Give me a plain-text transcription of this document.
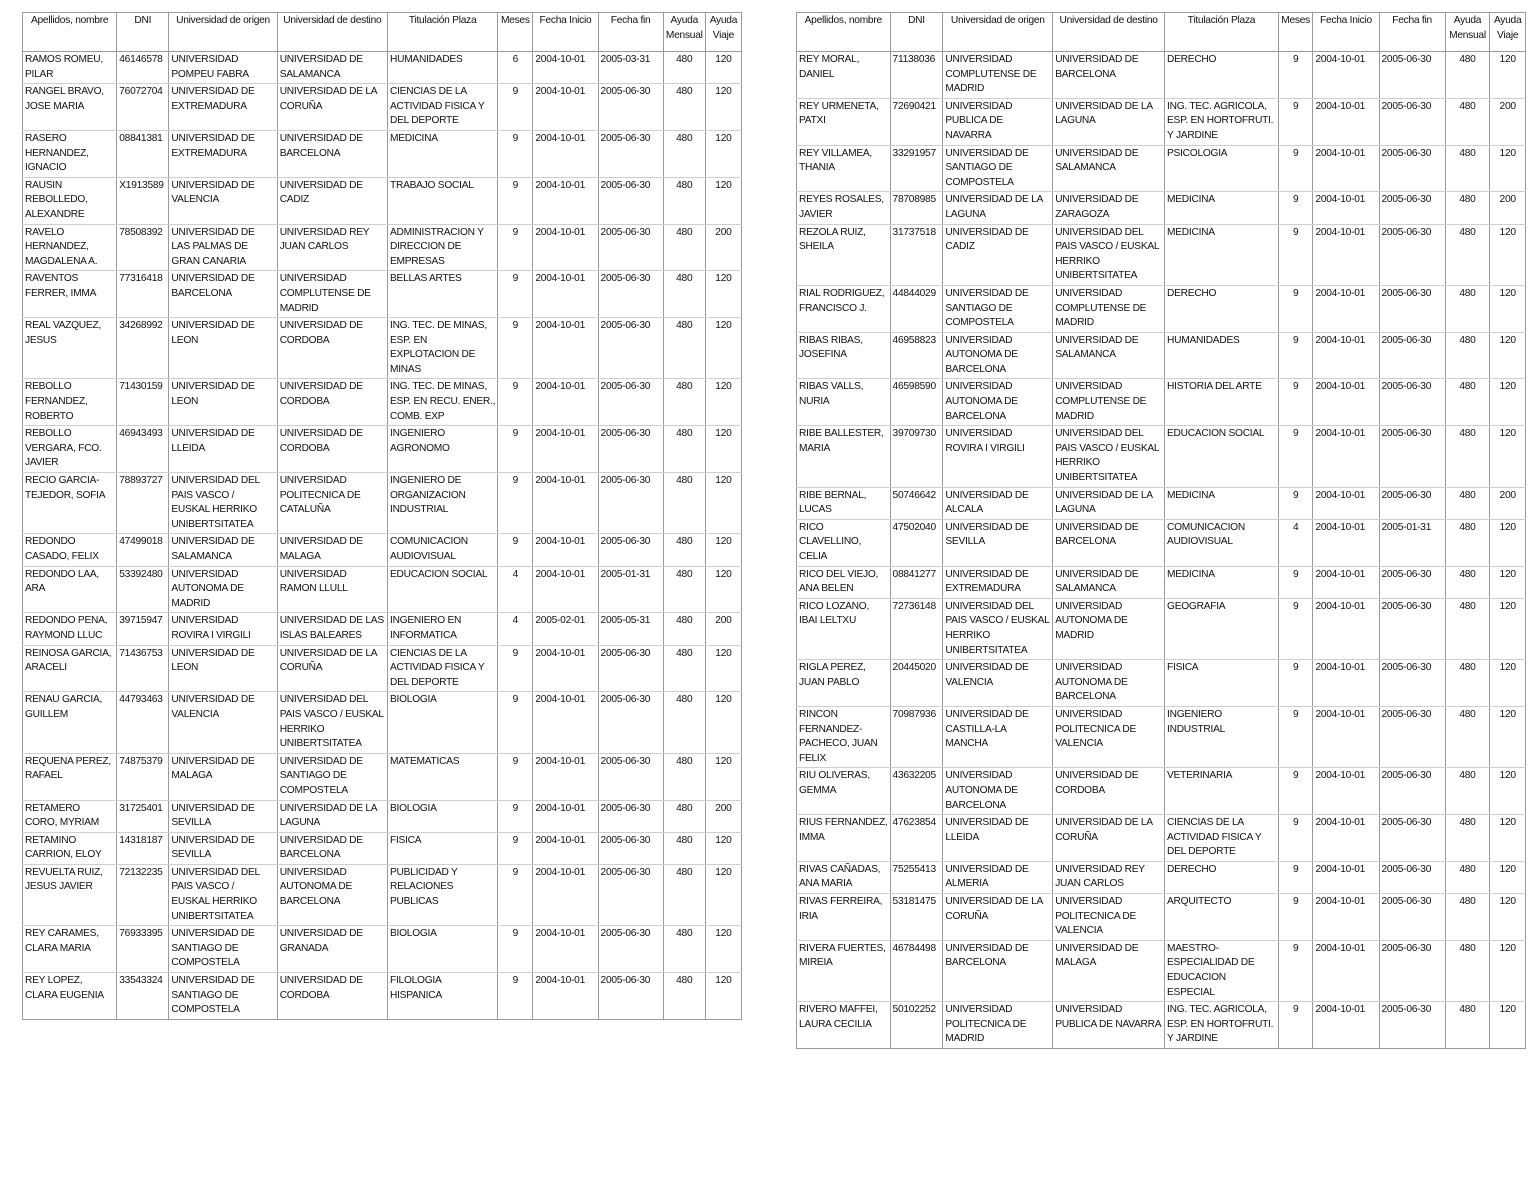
Apellidos, nombre	DNI	Universidad de origen	Universidad de destino	Titulación Plaza	Meses	Fecha Inicio	Fecha fin	Ayuda Mensual	Ayuda Viaje
RAMOS ROMEU, PILAR	46146578	UNIVERSIDAD POMPEU FABRA	UNIVERSIDAD DE SALAMANCA	HUMANIDADES	6	2004-10-01	2005-03-31	480	120
RANGEL BRAVO, JOSE MARIA	76072704	UNIVERSIDAD DE EXTREMADURA	UNIVERSIDAD DE LA CORUÑA	CIENCIAS DE LA ACTIVIDAD FISICA Y DEL DEPORTE	9	2004-10-01	2005-06-30	480	120
RASERO HERNANDEZ, IGNACIO	08841381	UNIVERSIDAD DE EXTREMADURA	UNIVERSIDAD DE BARCELONA	MEDICINA	9	2004-10-01	2005-06-30	480	120
RAUSIN REBOLLEDO, ALEXANDRE	X1913589	UNIVERSIDAD DE VALENCIA	UNIVERSIDAD DE CADIZ	TRABAJO SOCIAL	9	2004-10-01	2005-06-30	480	120
RAVELO HERNANDEZ, MAGDALENA A.	78508392	UNIVERSIDAD DE LAS PALMAS DE GRAN CANARIA	UNIVERSIDAD REY JUAN CARLOS	ADMINISTRACION Y DIRECCION DE EMPRESAS	9	2004-10-01	2005-06-30	480	200
RAVENTOS FERRER, IMMA	77316418	UNIVERSIDAD DE BARCELONA	UNIVERSIDAD COMPLUTENSE DE MADRID	BELLAS ARTES	9	2004-10-01	2005-06-30	480	120
REAL VAZQUEZ, JESUS	34268992	UNIVERSIDAD DE LEON	UNIVERSIDAD DE CORDOBA	ING. TEC. DE MINAS, ESP. EN EXPLOTACION DE MINAS	9	2004-10-01	2005-06-30	480	120
REBOLLO FERNANDEZ, ROBERTO	71430159	UNIVERSIDAD DE LEON	UNIVERSIDAD DE CORDOBA	ING. TEC. DE MINAS, ESP. EN RECU. ENER., COMB. EXP	9	2004-10-01	2005-06-30	480	120
REBOLLO VERGARA, FCO. JAVIER	46943493	UNIVERSIDAD DE LLEIDA	UNIVERSIDAD DE CORDOBA	INGENIERO AGRONOMO	9	2004-10-01	2005-06-30	480	120
RECIO GARCIA-TEJEDOR, SOFIA	78893727	UNIVERSIDAD DEL PAIS VASCO / EUSKAL HERRIKO UNIBERTSITATEA	UNIVERSIDAD POLITECNICA DE CATALUÑA	INGENIERO DE ORGANIZACION INDUSTRIAL	9	2004-10-01	2005-06-30	480	120
REDONDO CASADO, FELIX	47499018	UNIVERSIDAD DE SALAMANCA	UNIVERSIDAD DE MALAGA	COMUNICACION AUDIOVISUAL	9	2004-10-01	2005-06-30	480	120
REDONDO LAA, ARA	53392480	UNIVERSIDAD AUTONOMA DE MADRID	UNIVERSIDAD RAMON LLULL	EDUCACION SOCIAL	4	2004-10-01	2005-01-31	480	120
REDONDO PENA, RAYMOND LLUC	39715947	UNIVERSIDAD ROVIRA I VIRGILI	UNIVERSIDAD DE LAS ISLAS BALEARES	INGENIERO EN INFORMATICA	4	2005-02-01	2005-05-31	480	200
REINOSA GARCIA, ARACELI	71436753	UNIVERSIDAD DE LEON	UNIVERSIDAD DE LA CORUÑA	CIENCIAS DE LA ACTIVIDAD FISICA Y DEL DEPORTE	9	2004-10-01	2005-06-30	480	120
RENAU GARCIA, GUILLEM	44793463	UNIVERSIDAD DE VALENCIA	UNIVERSIDAD DEL PAIS VASCO / EUSKAL HERRIKO UNIBERTSITATEA	BIOLOGIA	9	2004-10-01	2005-06-30	480	120
REQUENA PEREZ, RAFAEL	74875379	UNIVERSIDAD DE MALAGA	UNIVERSIDAD DE SANTIAGO DE COMPOSTELA	MATEMATICAS	9	2004-10-01	2005-06-30	480	120
RETAMERO CORO, MYRIAM	31725401	UNIVERSIDAD DE SEVILLA	UNIVERSIDAD DE LA LAGUNA	BIOLOGIA	9	2004-10-01	2005-06-30	480	200
RETAMINO CARRION, ELOY	14318187	UNIVERSIDAD DE SEVILLA	UNIVERSIDAD DE BARCELONA	FISICA	9	2004-10-01	2005-06-30	480	120
REVUELTA RUIZ, JESUS JAVIER	72132235	UNIVERSIDAD DEL PAIS VASCO / EUSKAL HERRIKO UNIBERTSITATEA	UNIVERSIDAD AUTONOMA DE BARCELONA	PUBLICIDAD Y RELACIONES PUBLICAS	9	2004-10-01	2005-06-30	480	120
REY CARAMES, CLARA MARIA	76933395	UNIVERSIDAD DE SANTIAGO DE COMPOSTELA	UNIVERSIDAD DE GRANADA	BIOLOGIA	9	2004-10-01	2005-06-30	480	120
REY LOPEZ, CLARA EUGENIA	33543324	UNIVERSIDAD DE SANTIAGO DE COMPOSTELA	UNIVERSIDAD DE CORDOBA	FILOLOGIA HISPANICA	9	2004-10-01	2005-06-30	480	120
Apellidos, nombre	DNI	Universidad de origen	Universidad de destino	Titulación Plaza	Meses	Fecha Inicio	Fecha fin	Ayuda Mensual	Ayuda Viaje
REY MORAL, DANIEL	71138036	UNIVERSIDAD COMPLUTENSE DE MADRID	UNIVERSIDAD DE BARCELONA	DERECHO	9	2004-10-01	2005-06-30	480	120
REY URMENETA, PATXI	72690421	UNIVERSIDAD PUBLICA DE NAVARRA	UNIVERSIDAD DE LA LAGUNA	ING. TEC. AGRICOLA, ESP. EN HORTOFRUTI. Y JARDINE	9	2004-10-01	2005-06-30	480	200
REY VILLAMEA, THANIA	33291957	UNIVERSIDAD DE SANTIAGO DE COMPOSTELA	UNIVERSIDAD DE SALAMANCA	PSICOLOGIA	9	2004-10-01	2005-06-30	480	120
REYES ROSALES, JAVIER	78708985	UNIVERSIDAD DE LA LAGUNA	UNIVERSIDAD DE ZARAGOZA	MEDICINA	9	2004-10-01	2005-06-30	480	200
REZOLA RUIZ, SHEILA	31737518	UNIVERSIDAD DE CADIZ	UNIVERSIDAD DEL PAIS VASCO / EUSKAL HERRIKO UNIBERTSITATEA	MEDICINA	9	2004-10-01	2005-06-30	480	120
RIAL RODRIGUEZ, FRANCISCO J.	44844029	UNIVERSIDAD DE SANTIAGO DE COMPOSTELA	UNIVERSIDAD COMPLUTENSE DE MADRID	DERECHO	9	2004-10-01	2005-06-30	480	120
RIBAS RIBAS, JOSEFINA	46958823	UNIVERSIDAD AUTONOMA DE BARCELONA	UNIVERSIDAD DE SALAMANCA	HUMANIDADES	9	2004-10-01	2005-06-30	480	120
RIBAS VALLS, NURIA	46598590	UNIVERSIDAD AUTONOMA DE BARCELONA	UNIVERSIDAD COMPLUTENSE DE MADRID	HISTORIA DEL ARTE	9	2004-10-01	2005-06-30	480	120
RIBE BALLESTER, MARIA	39709730	UNIVERSIDAD ROVIRA I VIRGILI	UNIVERSIDAD DEL PAIS VASCO / EUSKAL HERRIKO UNIBERTSITATEA	EDUCACION SOCIAL	9	2004-10-01	2005-06-30	480	120
RIBE BERNAL, LUCAS	50746642	UNIVERSIDAD DE ALCALA	UNIVERSIDAD DE LA LAGUNA	MEDICINA	9	2004-10-01	2005-06-30	480	200
RICO CLAVELLINO, CELIA	47502040	UNIVERSIDAD DE SEVILLA	UNIVERSIDAD DE BARCELONA	COMUNICACION AUDIOVISUAL	4	2004-10-01	2005-01-31	480	120
RICO DEL VIEJO, ANA BELEN	08841277	UNIVERSIDAD DE EXTREMADURA	UNIVERSIDAD DE SALAMANCA	MEDICINA	9	2004-10-01	2005-06-30	480	120
RICO LOZANO, IBAI LELTXU	72736148	UNIVERSIDAD DEL PAIS VASCO / EUSKAL HERRIKO UNIBERTSITATEA	UNIVERSIDAD AUTONOMA DE MADRID	GEOGRAFIA	9	2004-10-01	2005-06-30	480	120
RIGLA PEREZ, JUAN PABLO	20445020	UNIVERSIDAD DE VALENCIA	UNIVERSIDAD AUTONOMA DE BARCELONA	FISICA	9	2004-10-01	2005-06-30	480	120
RINCON FERNANDEZ-PACHECO, JUAN FELIX	70987936	UNIVERSIDAD DE CASTILLA-LA MANCHA	UNIVERSIDAD POLITECNICA DE VALENCIA	INGENIERO INDUSTRIAL	9	2004-10-01	2005-06-30	480	120
RIU OLIVERAS, GEMMA	43632205	UNIVERSIDAD AUTONOMA DE BARCELONA	UNIVERSIDAD DE CORDOBA	VETERINARIA	9	2004-10-01	2005-06-30	480	120
RIUS FERNANDEZ, IMMA	47623854	UNIVERSIDAD DE LLEIDA	UNIVERSIDAD DE LA CORUÑA	CIENCIAS DE LA ACTIVIDAD FISICA Y DEL DEPORTE	9	2004-10-01	2005-06-30	480	120
RIVAS CAÑADAS, ANA MARIA	75255413	UNIVERSIDAD DE ALMERIA	UNIVERSIDAD REY JUAN CARLOS	DERECHO	9	2004-10-01	2005-06-30	480	120
RIVAS FERREIRA, IRIA	53181475	UNIVERSIDAD DE LA CORUÑA	UNIVERSIDAD POLITECNICA DE VALENCIA	ARQUITECTO	9	2004-10-01	2005-06-30	480	120
RIVERA FUERTES, MIREIA	46784498	UNIVERSIDAD DE BARCELONA	UNIVERSIDAD DE MALAGA	MAESTRO-ESPECIALIDAD DE EDUCACION ESPECIAL	9	2004-10-01	2005-06-30	480	120
RIVERO MAFFEI, LAURA CECILIA	50102252	UNIVERSIDAD POLITECNICA DE MADRID	UNIVERSIDAD PUBLICA DE NAVARRA	ING. TEC. AGRICOLA, ESP. EN HORTOFRUTI. Y JARDINE	9	2004-10-01	2005-06-30	480	120
